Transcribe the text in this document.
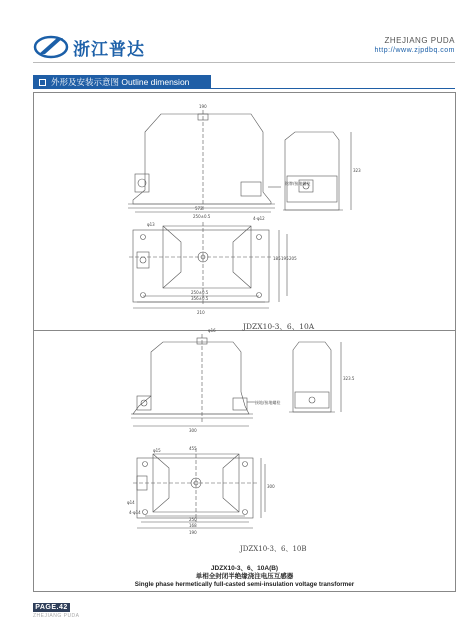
浙江普达	ZHEJIANG PUDA
http://www.zjpdbq.com
外形及安装示意图 Outline dimension
190
572
250±0.5
φ13
4-φ12
250±0.5
356±0.5
210
185 195 205
323
铭牌/接地螺栓
φ16
300
φ15	455
φ14
4-φ14
250
168
190
300
323.5
接地/接地螺栓
JDZX10-3、6、10A
JDZX10-3、6、10B
JDZX10-3、6、10A(B)
单相全封闭半绝缘浇注电压互感器
Single phase hermetically full-casted semi-insulation voltage transformer
PAGE.42
ZHEJIANG PUDA
